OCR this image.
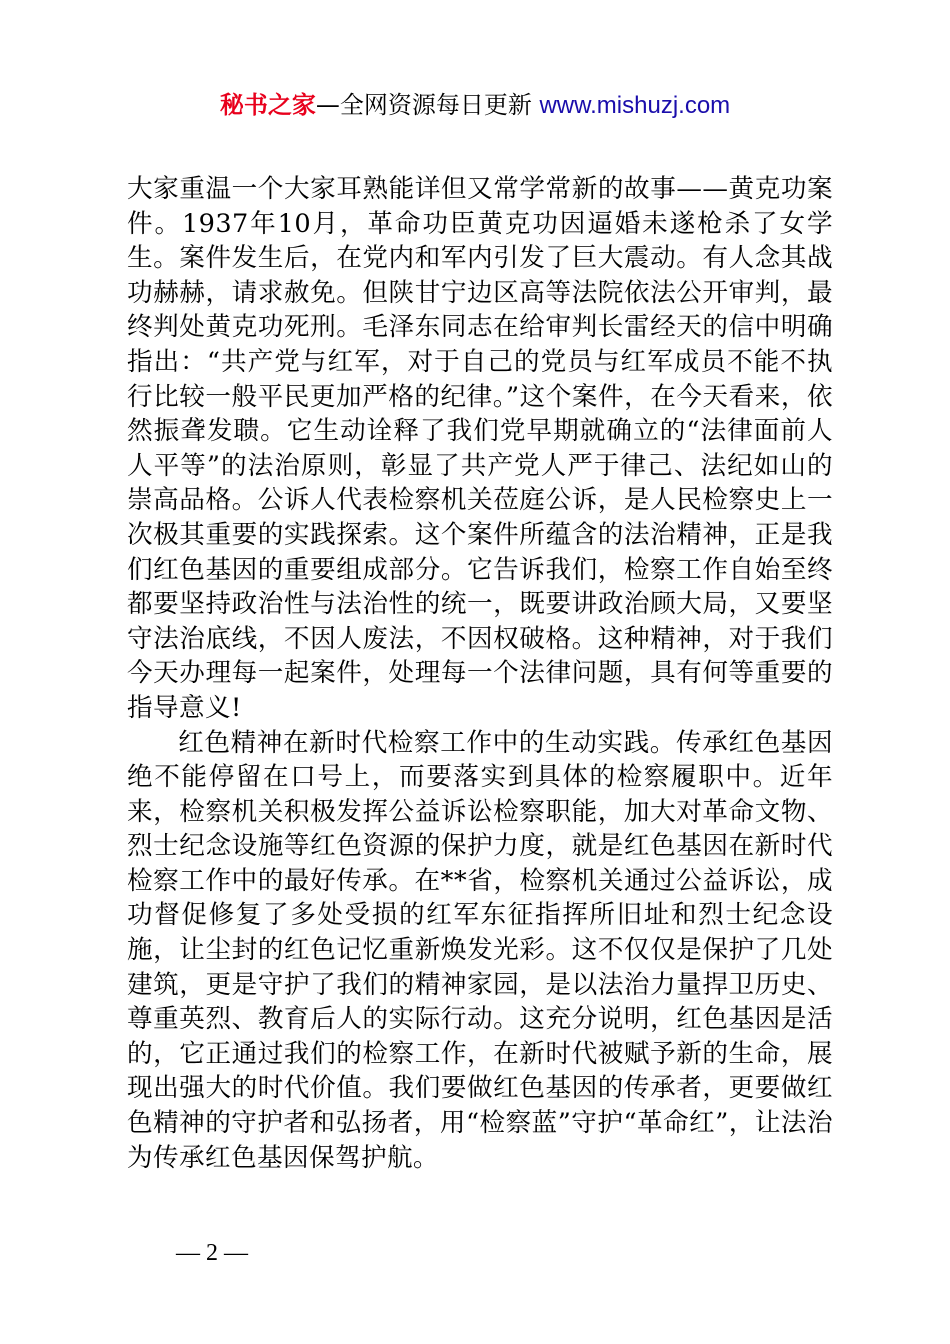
秘书之家—全网资源每日更新 www.mishuzj.com

大家重温一个大家耳熟能详但又常学常新的故事——黄克功案件。1937年10月，革命功臣黄克功因逼婚未遂枪杀了女学生。案件发生后，在党内和军内引发了巨大震动。有人念其战功赫赫，请求赦免。但陕甘宁边区高等法院依法公开审判，最终判处黄克功死刑。毛泽东同志在给审判长雷经天的信中明确指出：“共产党与红军，对于自己的党员与红军成员不能不执行比较一般平民更加严格的纪律。”这个案件，在今天看来，依然振聋发聩。它生动诠释了我们党早期就确立的“法律面前人人平等”的法治原则，彰显了共产党人严于律己、法纪如山的崇高品格。公诉人代表检察机关莅庭公诉，是人民检察史上一次极其重要的实践探索。这个案件所蕴含的法治精神，正是我们红色基因的重要组成部分。它告诉我们，检察工作自始至终都要坚持政治性与法治性的统一，既要讲政治顾大局，又要坚守法治底线，不因人废法，不因权破格。这种精神，对于我们今天办理每一起案件，处理每一个法律问题，具有何等重要的指导意义!

红色精神在新时代检察工作中的生动实践。传承红色基因绝不能停留在口号上，而要落实到具体的检察履职中。近年来，检察机关积极发挥公益诉讼检察职能，加大对革命文物、烈士纪念设施等红色资源的保护力度，就是红色基因在新时代检察工作中的最好传承。在**省，检察机关通过公益诉讼，成功督促修复了多处受损的红军东征指挥所旧址和烈士纪念设施，让尘封的红色记忆重新焕发光彩。这不仅仅是保护了几处建筑，更是守护了我们的精神家园，是以法治力量捍卫历史、尊重英烈、教育后人的实际行动。这充分说明，红色基因是活的，它正通过我们的检察工作，在新时代被赋予新的生命，展现出强大的时代价值。我们要做红色基因的传承者，更要做红色精神的守护者和弘扬者，用“检察蓝”守护“革命红”，让法治为传承红色基因保驾护航。

— 2 —
